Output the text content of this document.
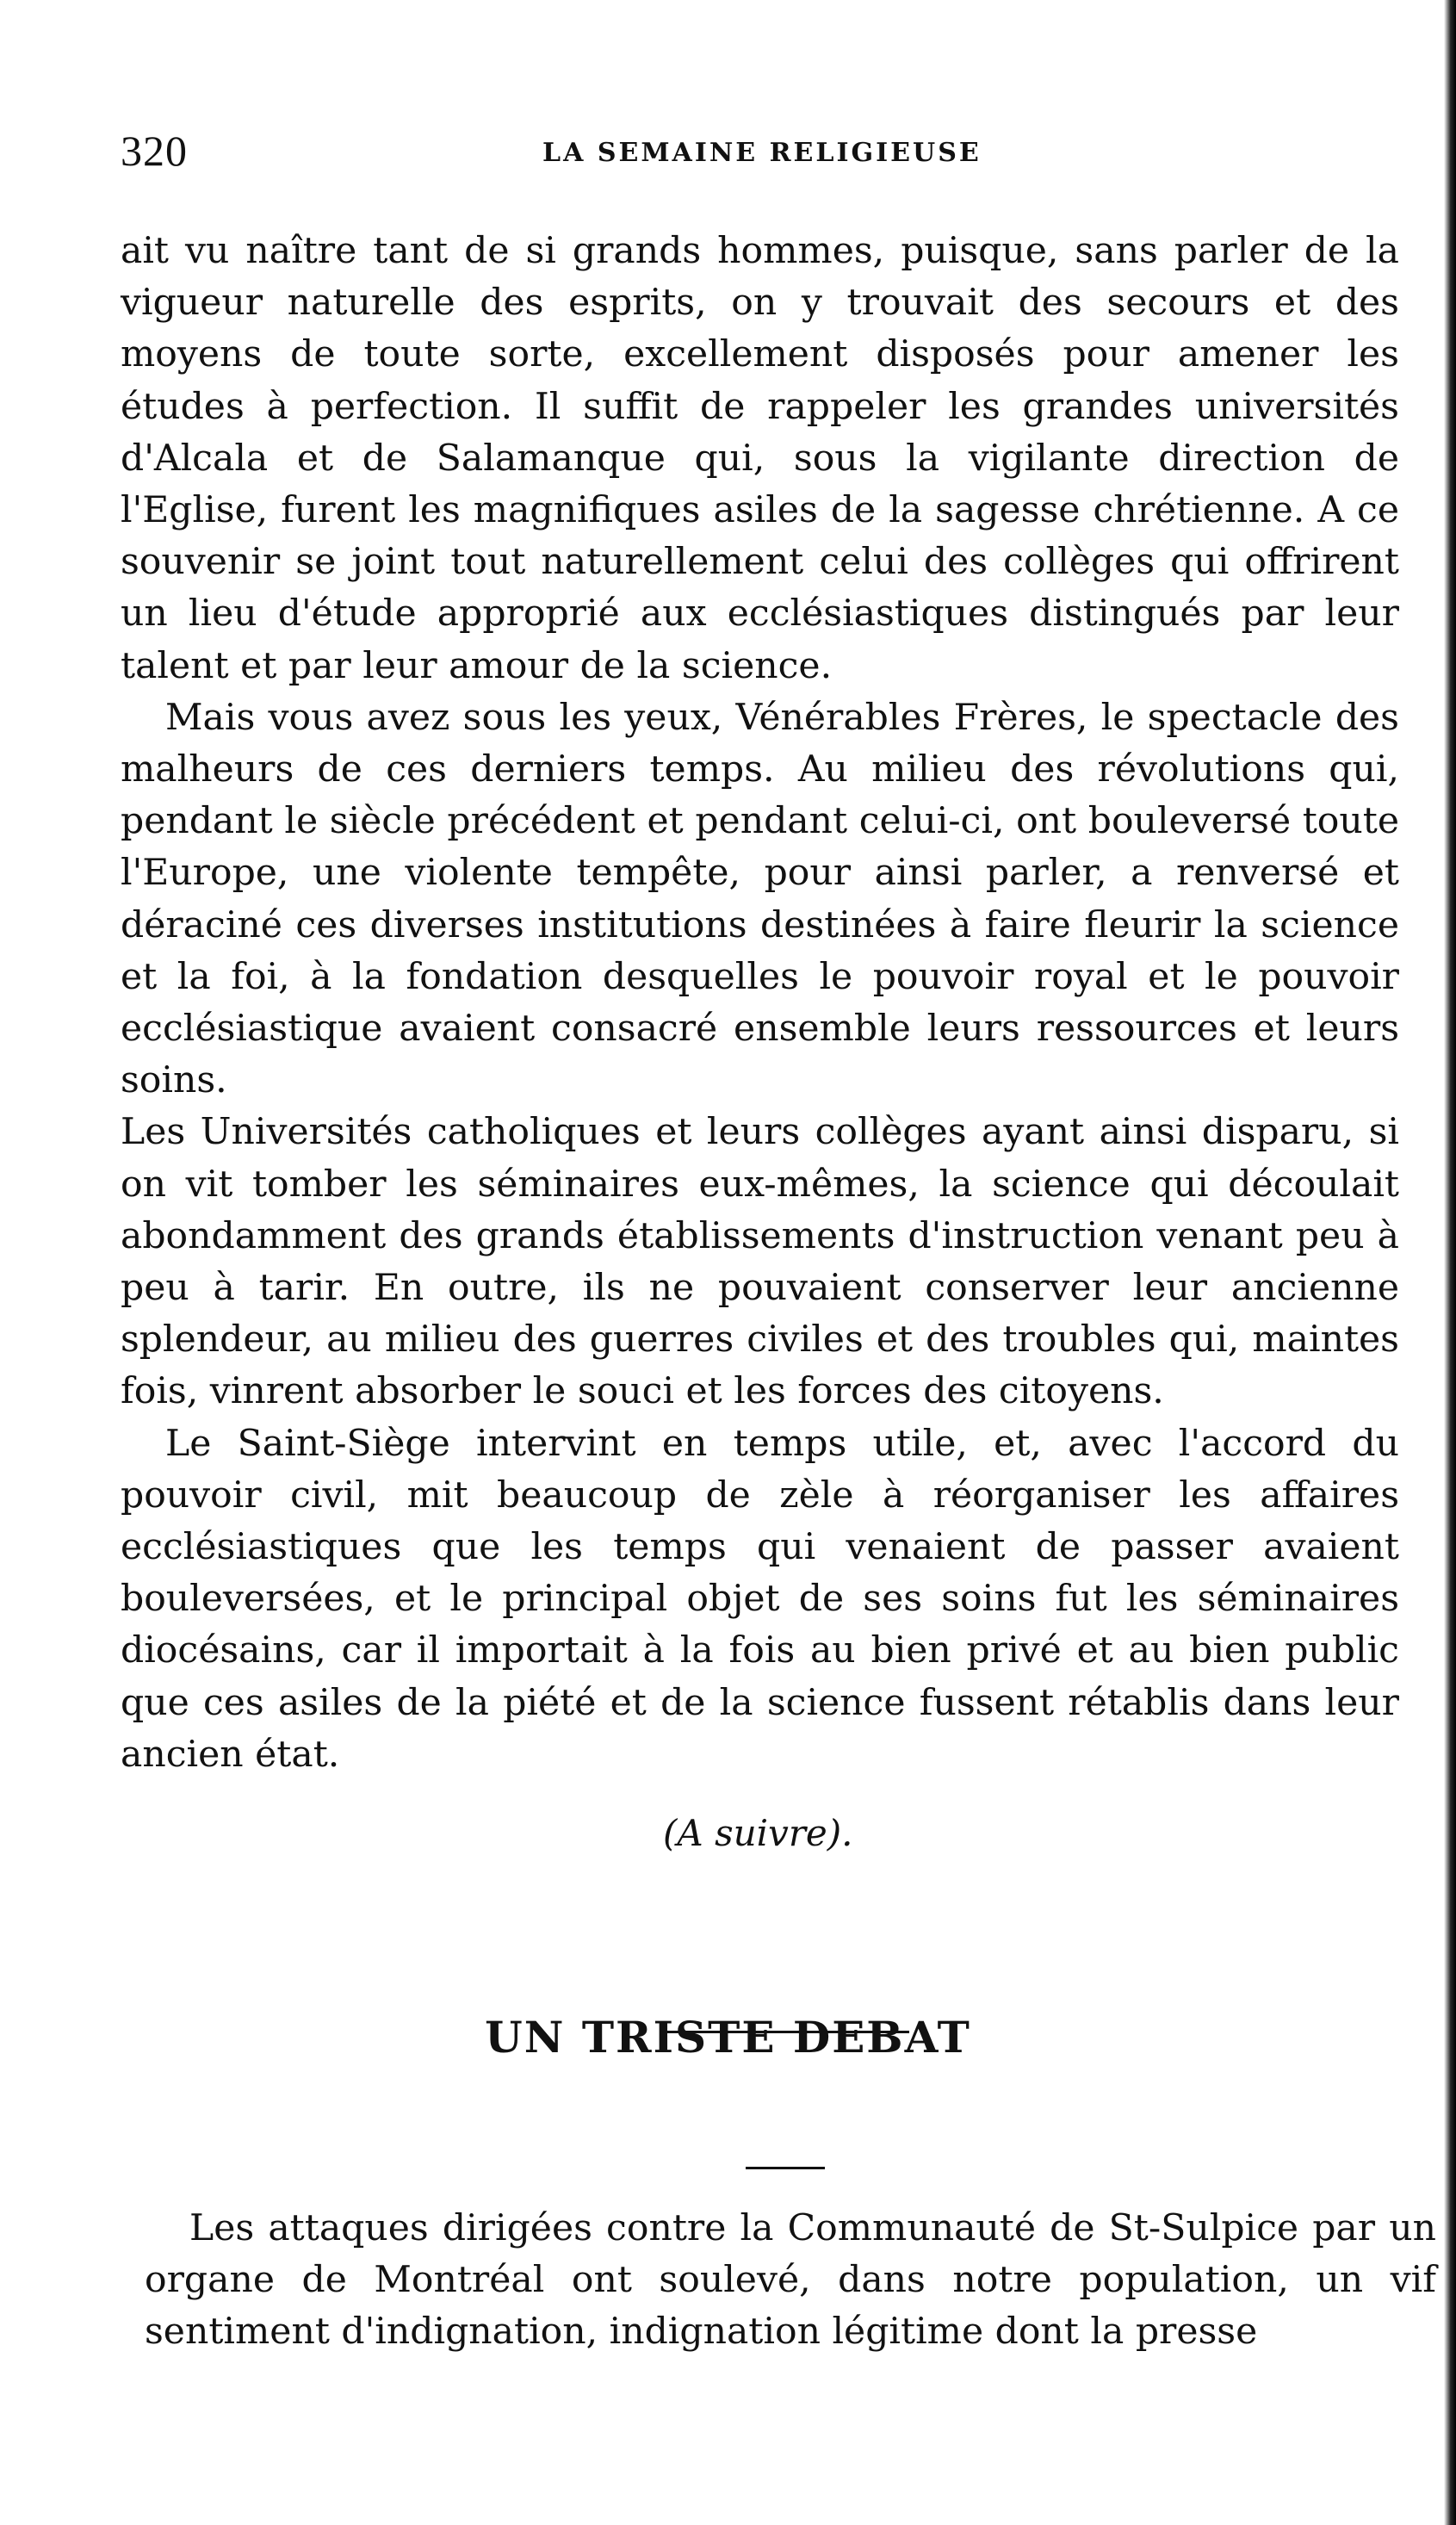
320	LA SEMAINE RELIGIEUSE

ait vu naître tant de si grands hommes, puisque, sans parler de la vigueur naturelle des esprits, on y trouvait des secours et des moyens de toute sorte, excellement disposés pour amener les études à perfection. Il suffit de rappeler les grandes universités d'Alcala et de Salamanque qui, sous la vigilante direction de l'Eglise, furent les magnifiques asiles de la sagesse chrétienne. A ce souvenir se joint tout naturellement celui des collèges qui offrirent un lieu d'étude approprié aux ecclésiastiques distingués par leur talent et par leur amour de la science.

Mais vous avez sous les yeux, Vénérables Frères, le spectacle des malheurs de ces derniers temps. Au milieu des révolutions qui, pendant le siècle précédent et pendant celui-ci, ont bouleversé toute l'Europe, une violente tempête, pour ainsi parler, a renversé et déraciné ces diverses institutions destinées à faire fleurir la science et la foi, à la fondation desquelles le pouvoir royal et le pouvoir ecclésiastique avaient consacré ensemble leurs ressources et leurs soins.

Les Universités catholiques et leurs collèges ayant ainsi disparu, si on vit tomber les séminaires eux-mêmes, la science qui découlait abondamment des grands établissements d'instruction venant peu à peu à tarir. En outre, ils ne pouvaient conserver leur ancienne splendeur, au milieu des guerres civiles et des troubles qui, maintes fois, vinrent absorber le souci et les forces des citoyens.

Le Saint-Siège intervint en temps utile, et, avec l'accord du pouvoir civil, mit beaucoup de zèle à réorganiser les affaires ecclésiastiques que les temps qui venaient de passer avaient bouleversées, et le principal objet de ses soins fut les séminaires diocésains, car il importait à la fois au bien privé et au bien public que ces asiles de la piété et de la science fussent rétablis dans leur ancien état.

(A suivre).
UN TRISTE DEBAT

Les attaques dirigées contre la Communauté de St-Sulpice par un organe de Montréal ont soulevé, dans notre population, un vif sentiment d'indignation, indignation légitime dont la presse
